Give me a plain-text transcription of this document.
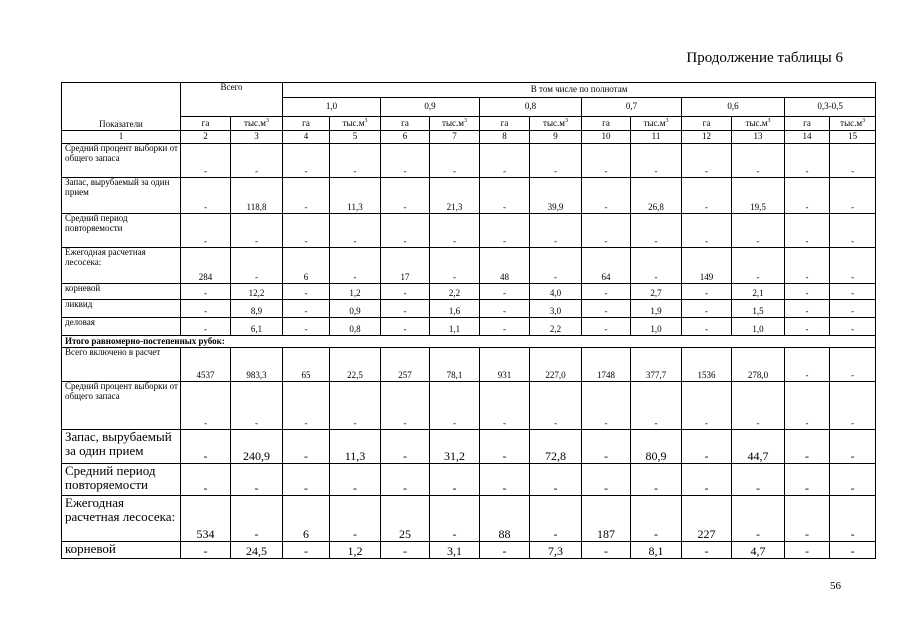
Продолжение таблицы 6
Показатели	Всего		В том числе по полнотам											
			1,0		0,9		0,8		0,7		0,6		0,3-0,5	
	га	$тыс.м^3$	га	$тыс.м^3$	га	$тыс.м^3$	га	$тыс.м^3$	га	$тыс.м^3$	га	$тыс.м^3$	га	$тыс.м^3$
1	2	3	4	5	6	7	8	9	10	11	12	13	14	15
Средний процент выборки от общего запаса	-	-	-	-	-	-	-	-	-	-	-	-	-	-
Запас, вырубаемый за один прием	-	118,8	-	11,3	-	21,3	-	39,9	-	26,8	-	19,5	-	-
Средний период повторяемости	-	-	-	-	-	-	-	-	-	-	-	-	-	-
Ежегодная расчетная лесосека:	284	-	6	-	17	-	48	-	64	-	149	-	-	-
корневой	-	12,2	-	1,2	-	2,2	-	4,0	-	2,7	-	2,1	-	-
ликвид	-	8,9	-	0,9	-	1,6	-	3,0	-	1,9	-	1,5	-	-
деловая	-	6,1	-	0,8	-	1,1	-	2,2	-	1,0	-	1,0	-	-
Итого равномерно-постепенных рубок:														
Всего включено в расчет	4537	983,3	65	22,5	257	78,1	931	227,0	1748	377,7	1536	278,0	-	-
Средний процент выборки от общего запаса	-	-	-	-	-	-	-	-	-	-	-	-	-	-
Запас, вырубаемый за один прием	-	240,9	-	11,3	-	31,2	-	72,8	-	80,9	-	44,7	-	-
Средний период повторяемости	-	-	-	-	-	-	-	-	-	-	-	-	-	-
Ежегодная расчетная лесосека:	534	-	6	-	25	-	88	-	187	-	227	-	-	-
корневой	-	24,5	-	1,2	-	3,1	-	7,3	-	8,1	-	4,7	-	-
56
